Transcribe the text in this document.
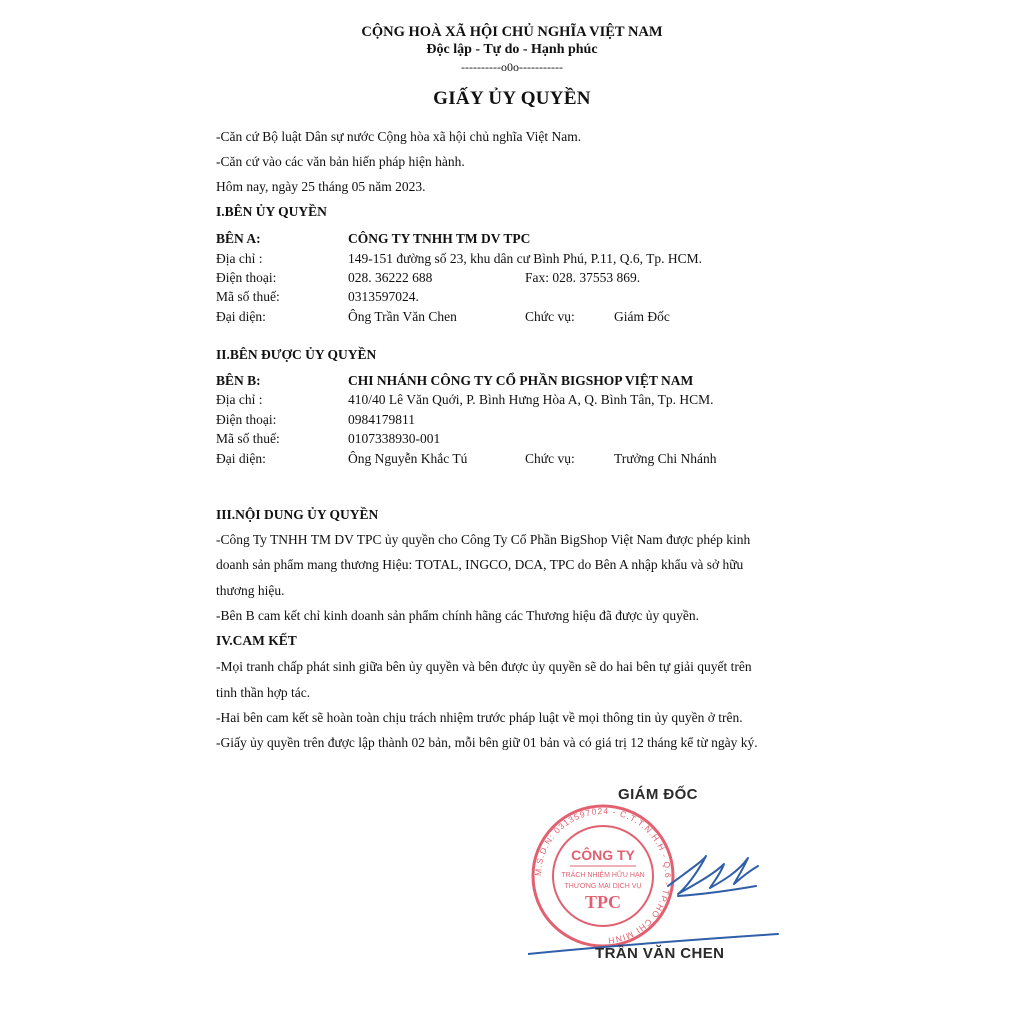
CỘNG HOÀ XÃ HỘI CHỦ NGHĨA VIỆT NAM
Độc lập - Tự do - Hạnh phúc
----------o0o-----------
GIẤY ỦY QUYỀN
-Căn cứ Bộ luật Dân sự nước Cộng hòa xã hội chủ nghĩa Việt Nam.
-Căn cứ vào các văn bản hiến pháp hiện hành.
Hôm nay, ngày 25 tháng 05 năm 2023.
I.BÊN ỦY QUYỀN
BÊN A:	CÔNG TY TNHH TM DV TPC
Địa chỉ :	149-151 đường số 23, khu dân cư Bình Phú, P.11, Q.6, Tp. HCM.
Điện thoại:	028. 36222 688	Fax: 028. 37553 869.
Mã số thuế:	0313597024.
Đại diện:	Ông Trần Văn Chen	Chức vụ:	Giám Đốc
II.BÊN ĐƯỢC ỦY QUYỀN
BÊN B:	CHI NHÁNH CÔNG TY CỔ PHẦN BIGSHOP VIỆT NAM
Địa chỉ :	410/40 Lê Văn Quới, P. Bình Hưng Hòa A, Q. Bình Tân, Tp. HCM.
Điện thoại:	0984179811
Mã số thuế:	0107338930-001
Đại diện:	Ông Nguyễn Khắc Tú	Chức vụ:	Trưởng Chi Nhánh
III.NỘI DUNG ỦY QUYỀN
-Công Ty TNHH TM DV TPC ủy quyền cho Công Ty Cổ Phần BigShop Việt Nam được phép kinh
doanh sản phẩm mang thương Hiệu: TOTAL, INGCO, DCA, TPC do Bên A nhập khẩu và sở hữu
thương hiệu.
-Bên B cam kết chỉ kinh doanh sản phẩm chính hãng các Thương hiệu đã được ủy quyền.
IV.CAM KẾT
-Mọi tranh chấp phát sinh giữa bên ủy quyền và bên được ủy quyền sẽ do hai bên tự giải quyết trên
tinh thần hợp tác.
-Hai bên cam kết sẽ hoàn toàn chịu trách nhiệm trước pháp luật về mọi thông tin ủy quyền ở trên.
-Giấy ủy quyền trên được lập thành 02 bản, mỗi bên giữ 01 bản và có giá trị 12 tháng kể từ ngày ký.
GIÁM ĐỐC
M.S.D.N: 0313597024 - C.T.T.N.H.H - Q.6 - TP.HỒ CHÍ MINH
CÔNG TY
TRÁCH NHIỆM HỮU HẠN
THƯƠNG MẠI DỊCH VỤ
TPC
TRẦN VĂN CHEN
